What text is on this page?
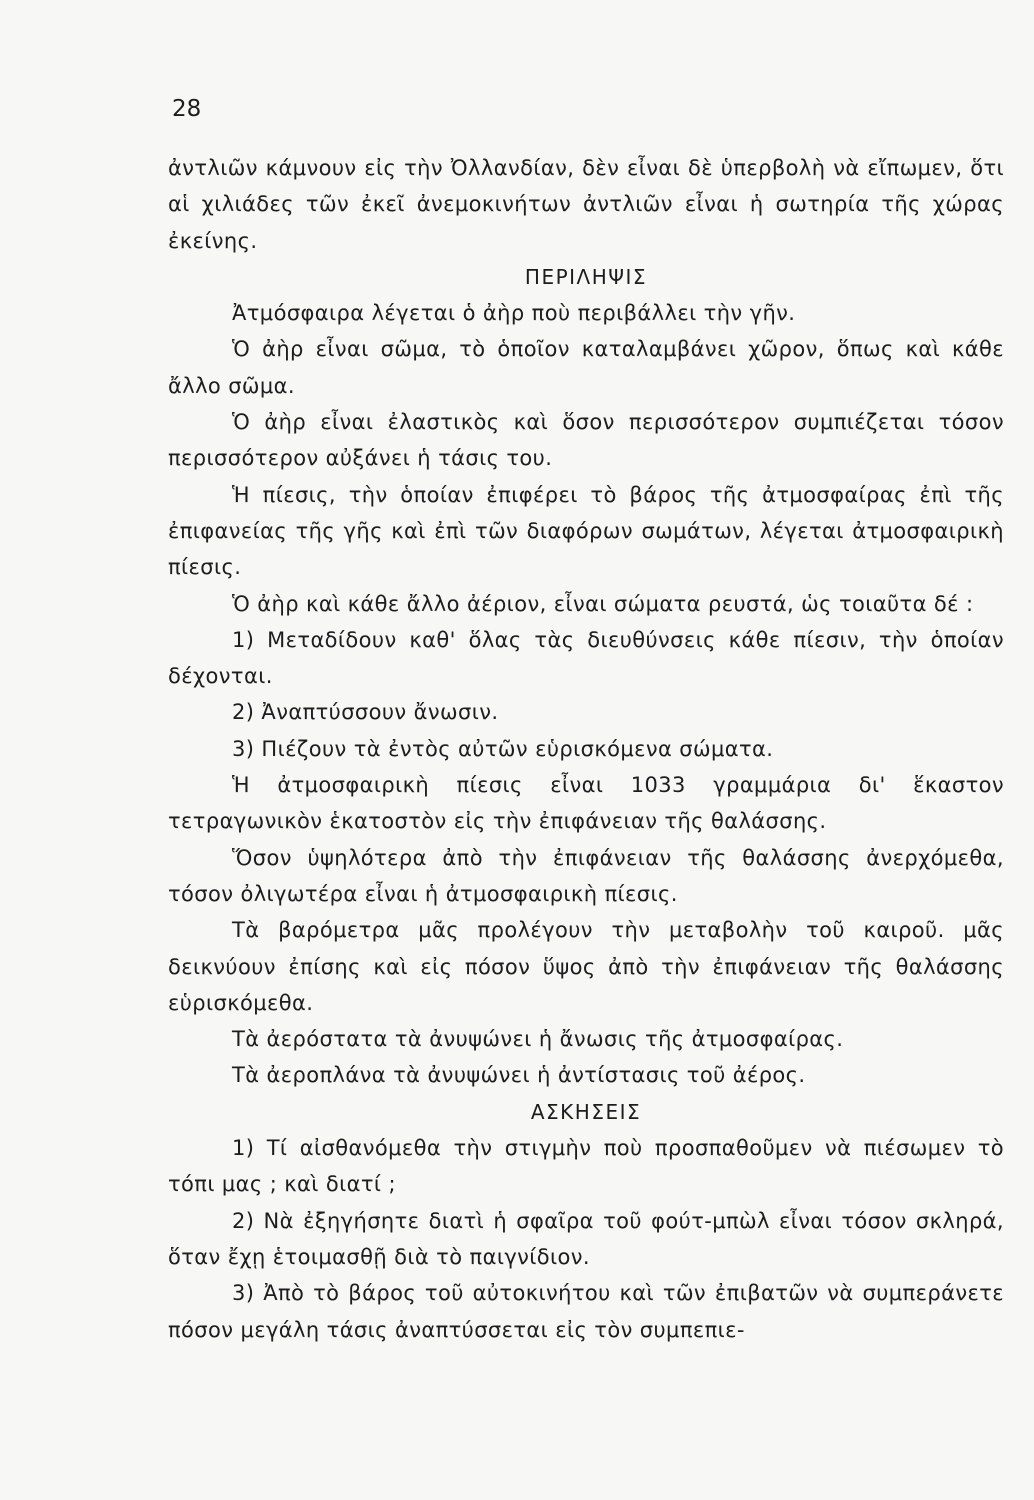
28

ἀντλιῶν κάμνουν εἰς τὴν Ὀλλανδίαν, δὲν εἶναι δὲ ὑπερβολὴ νὰ εἴπωμεν, ὅτι αἱ χιλιάδες τῶν ἐκεῖ ἀνεμοκινήτων ἀντλιῶν εἶναι ἡ σωτηρία τῆς χώρας ἐκείνης.

ΠΕΡΙΛΗΨΙΣ

Ἀτμόσφαιρα λέγεται ὁ ἀὴρ ποὺ περιβάλλει τὴν γῆν.

Ὁ ἀὴρ εἶναι σῶμα, τὸ ὁποῖον καταλαμβάνει χῶρον, ὅπως καὶ κάθε ἄλλο σῶμα.

Ὁ ἀὴρ εἶναι ἐλαστικὸς καὶ ὅσον περισσότερον συμπιέζεται τόσον περισσότερον αὐξάνει ἡ τάσις του.

Ἡ πίεσις, τὴν ὁποίαν ἐπιφέρει τὸ βάρος τῆς ἀτμοσφαίρας ἐπὶ τῆς ἐπιφανείας τῆς γῆς καὶ ἐπὶ τῶν διαφόρων σωμάτων, λέγεται ἀτμοσφαιρικὴ πίεσις.

Ὁ ἀὴρ καὶ κάθε ἄλλο ἀέριον, εἶναι σώματα ρευστά, ὡς τοιαῦτα δέ :

1) Μεταδίδουν καθ' ὅλας τὰς διευθύνσεις κάθε πίεσιν, τὴν ὁποίαν δέχονται.

2) Ἀναπτύσσουν ἄνωσιν.

3) Πιέζουν τὰ ἐντὸς αὐτῶν εὑρισκόμενα σώματα.

Ἡ ἀτμοσφαιρικὴ πίεσις εἶναι 1033 γραμμάρια δι' ἕκαστον τετραγωνικὸν ἑκατοστὸν εἰς τὴν ἐπιφάνειαν τῆς θαλάσσης.

Ὅσον ὑψηλότερα ἀπὸ τὴν ἐπιφάνειαν τῆς θαλάσσης ἀνερχόμεθα, τόσον ὀλιγωτέρα εἶναι ἡ ἀτμοσφαιρικὴ πίεσις.

Τὰ βαρόμετρα μᾶς προλέγουν τὴν μεταβολὴν τοῦ καιροῦ. μᾶς δεικνύουν ἐπίσης καὶ εἰς πόσον ὕψος ἀπὸ τὴν ἐπιφάνειαν τῆς θαλάσσης εὑρισκόμεθα.

Τὰ ἀερόστατα τὰ ἀνυψώνει ἡ ἄνωσις τῆς ἀτμοσφαίρας.

Τὰ ἀεροπλάνα τὰ ἀνυψώνει ἡ ἀντίστασις τοῦ ἀέρος.

ΑΣΚΗΣΕΙΣ

1) Τί αἰσθανόμεθα τὴν στιγμὴν ποὺ προσπαθοῦμεν νὰ πιέσωμεν τὸ τόπι μας ; καὶ διατί ;

2) Νὰ ἐξηγήσητε διατὶ ἡ σφαῖρα τοῦ φούτ-μπὼλ εἶναι τόσον σκληρά, ὅταν ἔχῃ ἑτοιμασθῇ διὰ τὸ παιγνίδιον.

3) Ἀπὸ τὸ βάρος τοῦ αὐτοκινήτου καὶ τῶν ἐπιβατῶν νὰ συμπεράνετε πόσον μεγάλη τάσις ἀναπτύσσεται εἰς τὸν συμπεπιε-
